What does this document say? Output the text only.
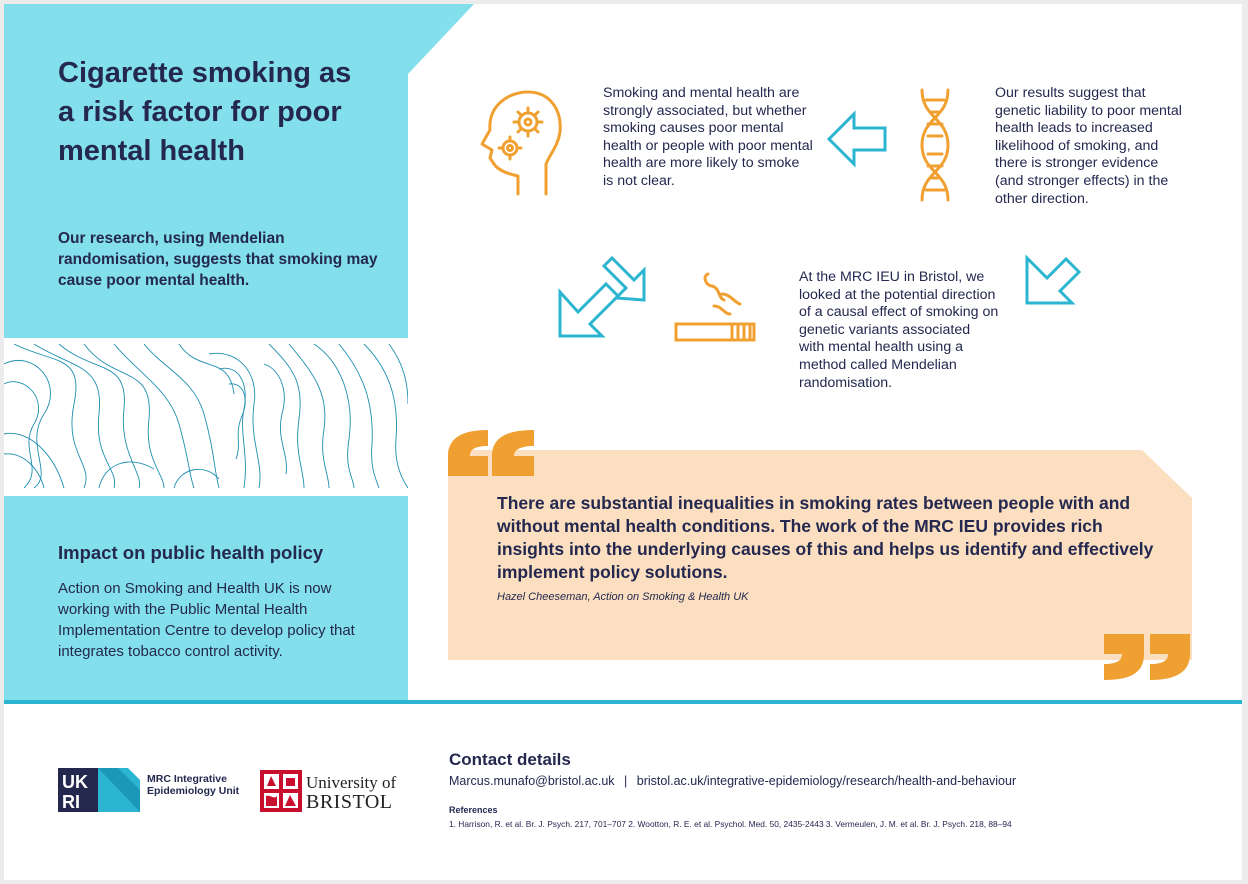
Cigarette smoking as a risk factor for poor mental health
Our research, using Mendelian randomisation, suggests that smoking may cause poor mental health.
Impact on public health policy
Action on Smoking and Health UK is now working with the Public Mental Health Implementation Centre to develop policy that integrates tobacco control activity.
Smoking and mental health are strongly associated, but whether smoking causes poor mental health or people with poor mental health are more likely to smoke is not clear.
Our results suggest that genetic liability to poor mental health leads to increased likelihood of smoking, and there is stronger evidence (and stronger effects) in the other direction.
At the MRC IEU in Bristol, we looked at the potential direction of a causal effect of smoking on genetic variants associated with mental health using a method called Mendelian randomisation.
There are substantial inequalities in smoking rates between people with and without mental health conditions. The work of the MRC IEU provides rich insights into the underlying causes of this and helps us identify and effectively implement policy solutions.
Hazel Cheeseman, Action on Smoking & Health UK
UK
RI
MRC Integrative Epidemiology Unit	University of
BRISTOL
Contact details
Marcus.munafo@bristol.ac.uk | bristol.ac.uk/integrative-epidemiology/research/health-and-behaviour
References
1. Harrison, R. et al. Br. J. Psych. 217, 701–707 2. Wootton, R. E. et al. Psychol. Med. 50, 2435-2443 3. Vermeulen, J. M. et al. Br. J. Psych. 218, 88–94
